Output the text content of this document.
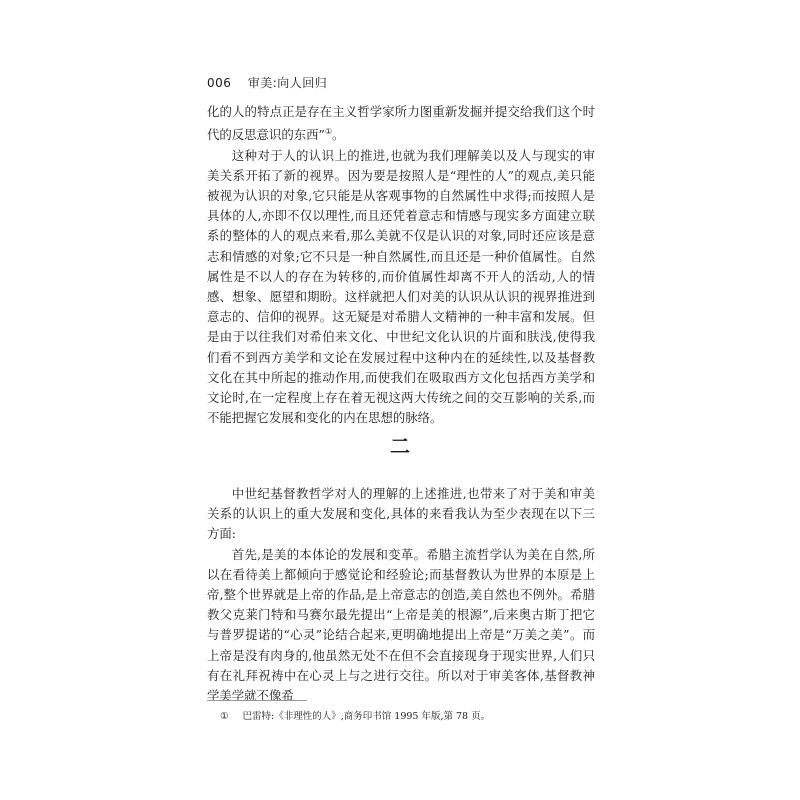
006 审美:向人回归

化的人的特点正是存在主义哲学家所力图重新发掘并提交给我们这个时代的反思意识的东西”①。

这种对于人的认识上的推进,也就为我们理解美以及人与现实的审美关系开拓了新的视界。因为要是按照人是“理性的人”的观点,美只能被视为认识的对象,它只能是从客观事物的自然属性中求得;而按照人是具体的人,亦即不仅以理性,而且还凭着意志和情感与现实多方面建立联系的整体的人的观点来看,那么美就不仅是认识的对象,同时还应该是意志和情感的对象;它不只是一种自然属性,而且还是一种价值属性。自然属性是不以人的存在为转移的,而价值属性却离不开人的活动,人的情感、想象、愿望和期盼。这样就把人们对美的认识从认识的视界推进到意志的、信仰的视界。这无疑是对希腊人文精神的一种丰富和发展。但是由于以往我们对希伯来文化、中世纪文化认识的片面和肤浅,使得我们看不到西方美学和文论在发展过程中这种内在的延续性,以及基督教文化在其中所起的推动作用,而使我们在吸取西方文化包括西方美学和文论时,在一定程度上存在着无视这两大传统之间的交互影响的关系,而不能把握它发展和变化的内在思想的脉络。

二

中世纪基督教哲学对人的理解的上述推进,也带来了对于美和审美关系的认识上的重大发展和变化,具体的来看我认为至少表现在以下三方面:

首先,是美的本体论的发展和变革。希腊主流哲学认为美在自然,所以在看待美上都倾向于感觉论和经验论;而基督教认为世界的本原是上帝,整个世界就是上帝的作品,是上帝意志的创造,美自然也不例外。希腊教父克莱门特和马赛尔最先提出“上帝是美的根源”,后来奥古斯丁把它与普罗提诺的“心灵”论结合起来,更明确地提出上帝是“万美之美”。而上帝是没有肉身的,他虽然无处不在但不会直接现身于现实世界,人们只有在礼拜祝祷中在心灵上与之进行交往。所以对于审美客体,基督教神学美学就不像希

① 巴雷特:《非理性的人》,商务印书馆 1995 年版,第 78 页。
